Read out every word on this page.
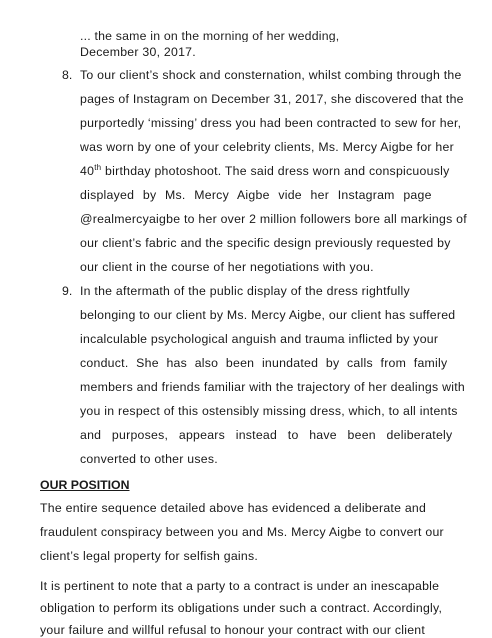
... the same in on the morning of her wedding,
December 30, 2017.
8. To our client’s shock and consternation, whilst combing through the
pages of Instagram on December 31, 2017, she discovered that the
purportedly ‘missing’ dress you had been contracted to sew for her,
was worn by one of your celebrity clients, Ms. Mercy Aigbe for her
40th birthday photoshoot. The said dress worn and conspicuously
displayed by Ms. Mercy Aigbe vide her Instagram page
@realmercyaigbe to her over 2 million followers bore all markings of
our client’s fabric and the specific design previously requested by
our client in the course of her negotiations with you.
9. In the aftermath of the public display of the dress rightfully
belonging to our client by Ms. Mercy Aigbe, our client has suffered
incalculable psychological anguish and trauma inflicted by your
conduct. She has also been inundated by calls from family
members and friends familiar with the trajectory of her dealings with
you in respect of this ostensibly missing dress, which, to all intents
and purposes, appears instead to have been deliberately
converted to other uses.
OUR POSITION
The entire sequence detailed above has evidenced a deliberate and
fraudulent conspiracy between you and Ms. Mercy Aigbe to convert our
client’s legal property for selfish gains.
It is pertinent to note that a party to a contract is under an inescapable
obligation to perform its obligations under such a contract. Accordingly,
your failure and willful refusal to honour your contract with our client
